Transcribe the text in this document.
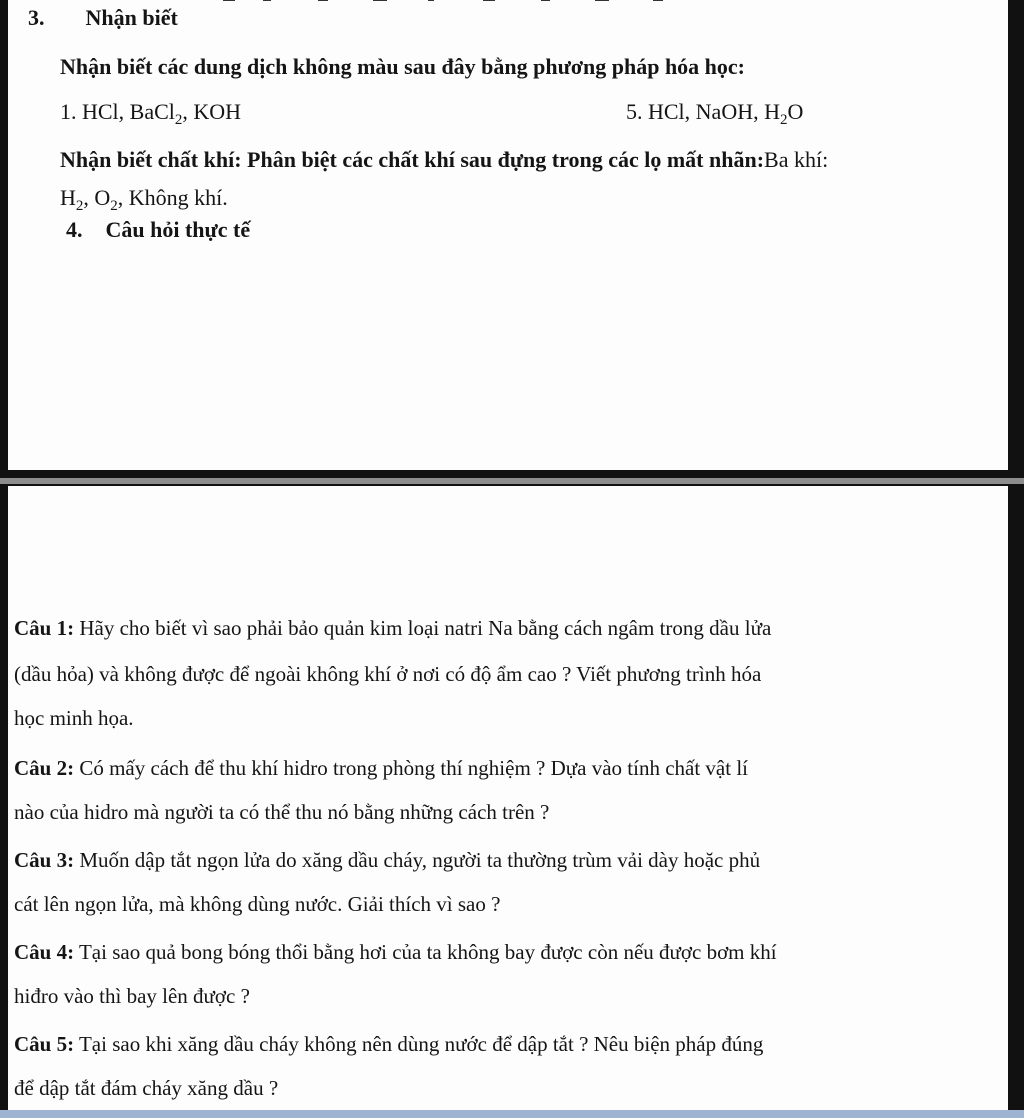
3. Nhận biết
Nhận biết các dung dịch không màu sau đây bằng phương pháp hóa học:
1. HCl, BaCl$_2$, KOH	5. HCl, NaOH, $H_2O$
Nhận biết chất khí: Phân biệt các chất khí sau đựng trong các lọ mất nhãn:Ba khí:
$H_2$, $O_2$, Không khí.
4. Câu hỏi thực tế
Câu 1: Hãy cho biết vì sao phải bảo quản kim loại natri Na bằng cách ngâm trong dầu lửa
(dầu hỏa) và không được để ngoài không khí ở nơi có độ ẩm cao ? Viết phương trình hóa
học minh họa.
Câu 2: Có mấy cách để thu khí hidro trong phòng thí nghiệm ? Dựa vào tính chất vật lí
nào của hidro mà người ta có thể thu nó bằng những cách trên ?
Câu 3: Muốn dập tắt ngọn lửa do xăng dầu cháy, người ta thường trùm vải dày hoặc phủ
cát lên ngọn lửa, mà không dùng nước. Giải thích vì sao ?
Câu 4: Tại sao quả bong bóng thổi bằng hơi của ta không bay được còn nếu được bơm khí
hiđro vào thì bay lên được ?
Câu 5: Tại sao khi xăng dầu cháy không nên dùng nước để dập tắt ? Nêu biện pháp đúng
để dập tắt đám cháy xăng dầu ?
